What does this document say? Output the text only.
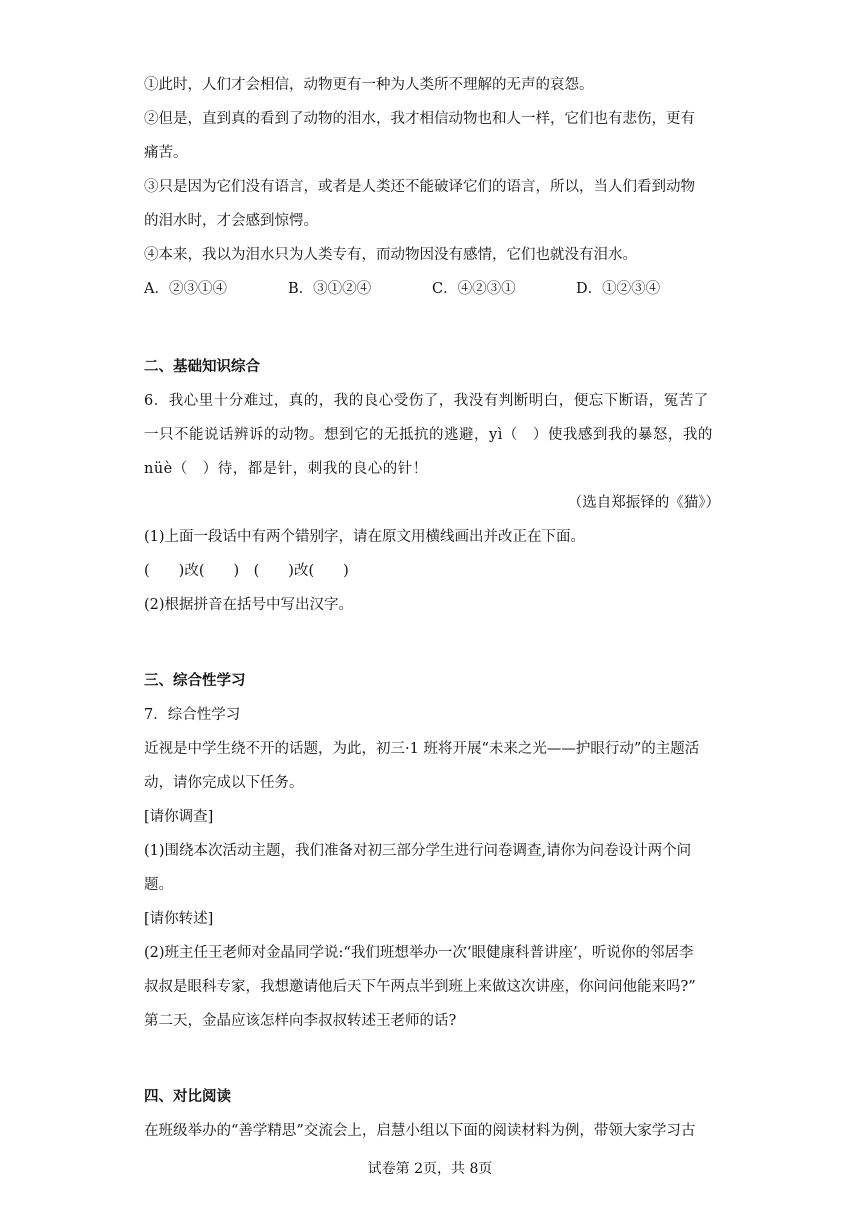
①此时，人们才会相信，动物更有一种为人类所不理解的无声的哀怨。
②但是，直到真的看到了动物的泪水，我才相信动物也和人一样，它们也有悲伤，更有
痛苦。
③只是因为它们没有语言，或者是人类还不能破译它们的语言，所以，当人们看到动物
的泪水时，才会感到惊愕。
④本来，我以为泪水只为人类专有，而动物因没有感情，它们也就没有泪水。
A．②③①④	B．③①②④	C．④②③①	D．①②③④
二、基础知识综合
6．我心里十分难过，真的，我的良心受伤了，我没有判断明白，便忘下断语，冤苦了
一只不能说话辨诉的动物。想到它的无抵抗的逃避，yì（　）使我感到我的暴怒，我的
nüè（　）待，都是针，刺我的良心的针！
（选自郑振铎的《猫》）
(1)上面一段话中有两个错别字，请在原文用横线画出并改正在下面。
(　　)改(　　)　(　　)改(　　)
(2)根据拼音在括号中写出汉字。
三、综合性学习
7．综合性学习
近视是中学生绕不开的话题，为此，初三·1 班将开展“未来之光——护眼行动”的主题活
动，请你完成以下任务。
[请你调查]
(1)围绕本次活动主题，我们准备对初三部分学生进行问卷调查,请你为问卷设计两个问
题。
[请你转述]
(2)班主任王老师对金晶同学说:“我们班想举办一次‘眼健康科普讲座’，听说你的邻居李
叔叔是眼科专家，我想邀请他后天下午两点半到班上来做这次讲座，你问问他能来吗?”
第二天，金晶应该怎样向李叔叔转述王老师的话?
四、对比阅读
在班级举办的“善学精思”交流会上，启慧小组以下面的阅读材料为例，带领大家学习古
试卷第 2页，共 8页
